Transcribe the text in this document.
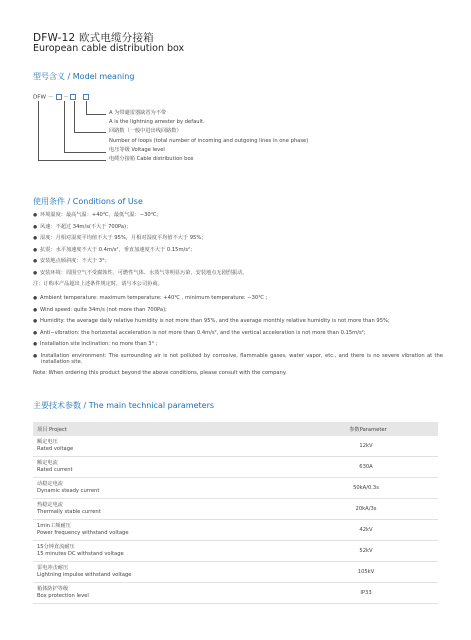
DFW-12 欧式电缆分接箱
European cable distribution box
型号含义 / Model meaning
DFW － －
A 为带避雷器缺省为不带
A is the lightning arrester by default.
回路数（一般中进出线回路数）
Number of loops (total number of incoming and outgoing lines in one phase)
电压等级 Voltage level
电缆分接箱 Cable distribution box
使用条件 / Conditions of Use
● 环境温度：最高气温：+40℃，最低气温：−30℃；
● 风速：不超过 34m/s(不大于 700Pa)；
● 湿度：月相对湿度平均值不大于 95%，月相对湿度平均值不大于 95%；
● 抗震：水平加速度不大于 0.4m/s²，垂直加速度不大于 0.15m/s²；
● 安装地点倾斜度：不大于 3°；
● 安装环境：周围空气不受腐蚀性、可燃性气体、水蒸气等明显污染，安装地点无剧烈振动。
注：订购本产品超出上述条件规定时，请与本公司协商。
● Ambient temperature: maximum temperature: +40℃ , minimum temperature: −30℃ ;
● Wind speed: quite 34m/s (not more than 700Pa);
● Humidity: the average daily relative humidity is not more than 95%, and the average monthly relative humidity is not more than 95%;
● Anti−vibration: the horizontal acceleration is not more than 0.4m/s², and the vertical acceleration is not more than 0.15m/s²;
● Installation site inclination: no more than 3° ;
● Installation environment: The surrounding air is not polluted by corrosive, flammable gases, water vapor, etc., and there is no severe vibration at the installation site.
Note: When ordering this product beyond the above conditions, please consult with the company.
主要技术参数 / The main technical parameters
项目 Project	参数Parameter

额定电压
Rated voltage	12kV

额定电流
Rated current	630A

动稳定电流
Dynamic steady current	50kA/0.3s

热稳定电流
Thermally stable current	20kA/3s

1min工频耐压
Power frequency withstand voltage	42kV

15分钟直流耐压
15 minutes DC withstand voltage	52kV

雷电冲击耐压
Lightning impulse withstand voltage	105kV

箱体防护等级
Box protection level	IP33
